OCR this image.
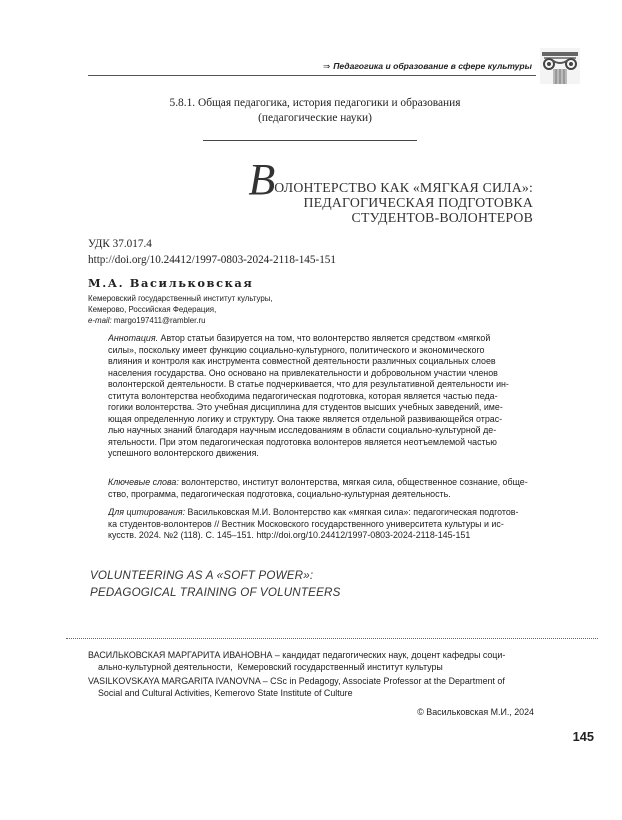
⇒ Педагогика и образование в сфере культуры
5.8.1. Общая педагогика, история педагогики и образования
(педагогические науки)
ВОЛОНТЕРСТВО КАК «МЯГКАЯ СИЛА»:
ПЕДАГОГИЧЕСКАЯ ПОДГОТОВКА
СТУДЕНТОВ-ВОЛОНТЕРОВ
УДК 37.017.4
http://doi.org/10.24412/1997-0803-2024-2118-145-151
М.А. Васильковская
Кемеровский государственный институт культуры,
Кемерово, Российская Федерация,
e-mail: margo197411@rambler.ru
Аннотация. Автор статьи базируется на том, что волонтерство является средством «мягкой
силы», поскольку имеет функцию социально-культурного, политического и экономического
влияния и контроля как инструмента совместной деятельности различных социальных слоев
населения государства. Оно основано на привлекательности и добровольном участии членов
волонтерской деятельности. В статье подчеркивается, что для результативной деятельности ин-
ститута волонтерства необходима педагогическая подготовка, которая является частью педа-
гогики волонтерства. Это учебная дисциплина для студентов высших учебных заведений, име-
ющая определенную логику и структуру. Она также является отдельной развивающейся отрас-
лью научных знаний благодаря научным исследованиям в области социально-культурной де-
ятельности. При этом педагогическая подготовка волонтеров является неотъемлемой частью
успешного волонтерского движения.
Ключевые слова: волонтерство, институт волонтерства, мягкая сила, общественное сознание, обще-
ство, программа, педагогическая подготовка, социально-культурная деятельность.
Для цитирования: Васильковская М.И. Волонтерство как «мягкая сила»: педагогическая подготов-
ка студентов-волонтеров // Вестник Московского государственного университета культуры и ис-
кусств. 2024. №2 (118). С. 145–151. http://doi.org/10.24412/1997-0803-2024-2118-145-151
VOLUNTEERING AS A «SOFT POWER»:
PEDAGOGICAL TRAINING OF VOLUNTEERS
ВАСИЛЬКОВСКАЯ МАРГАРИТА ИВАНОВНА – кандидат педагогических наук, доцент кафедры соци-
ально-культурной деятельности,  Кемеровский государственный институт культуры
VASILKOVSKAYA MARGARITA IVANOVNA – CSc in Pedagogy, Associate Professor at the Department of
Social and Cultural Activities, Kemerovo State Institute of Culture
© Васильковская М.И., 2024
145
